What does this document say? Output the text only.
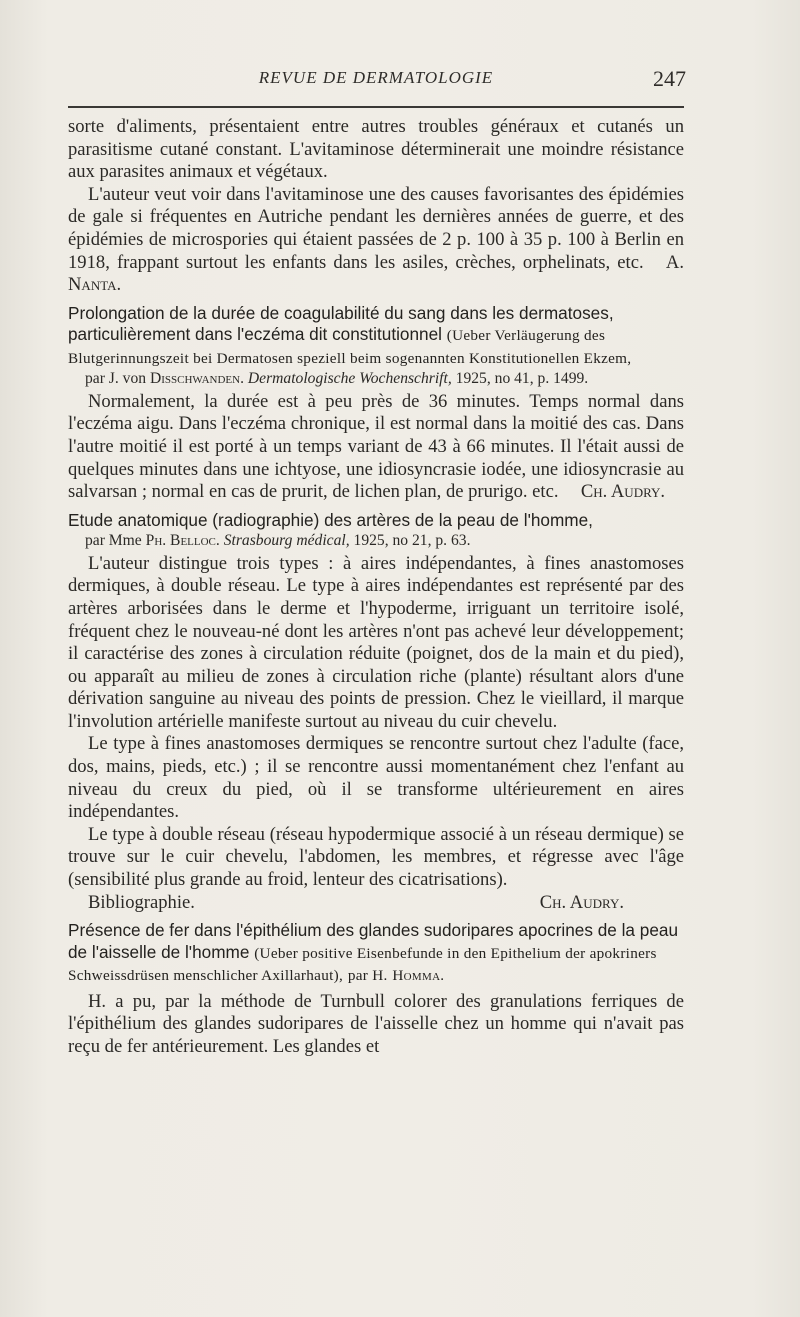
REVUE DE DERMATOLOGIE	247

sorte d'aliments, présentaient entre autres troubles généraux et cutanés un parasitisme cutané constant. L'avitaminose déterminerait une moindre résistance aux parasites animaux et végétaux.

L'auteur veut voir dans l'avitaminose une des causes favorisantes des épidémies de gale si fréquentes en Autriche pendant les dernières années de guerre, et des épidémies de microspories qui étaient passées de 2 p. 100 à 35 p. 100 à Berlin en 1918, frappant surtout les enfants dans les asiles, crèches, orphelinats, etc. A. Nanta.

Prolongation de la durée de coagulabilité du sang dans les dermatoses, particulièrement dans l'eczéma dit constitutionnel (Ueber Verläugerung des Blutgerinnungszeit bei Dermatosen speziell beim sogenannten Konstitutionellen Ekzem,
par J. von Disschwanden. Dermatologische Wochenschrift, 1925, no 41, p. 1499.

Normalement, la durée est à peu près de 36 minutes. Temps normal dans l'eczéma aigu. Dans l'eczéma chronique, il est normal dans la moitié des cas. Dans l'autre moitié il est porté à un temps variant de 43 à 66 minutes. Il l'était aussi de quelques minutes dans une ichtyose, une idiosyncrasie iodée, une idiosyncrasie au salvarsan ; normal en cas de prurit, de lichen plan, de prurigo. etc. Ch. Audry.

Etude anatomique (radiographie) des artères de la peau de l'homme,
par Mme Ph. Belloc. Strasbourg médical, 1925, no 21, p. 63.

L'auteur distingue trois types : à aires indépendantes, à fines anastomoses dermiques, à double réseau. Le type à aires indépendantes est représenté par des artères arborisées dans le derme et l'hypoderme, irriguant un territoire isolé, fréquent chez le nouveau-né dont les artères n'ont pas achevé leur développement; il caractérise des zones à circulation réduite (poignet, dos de la main et du pied), ou apparaît au milieu de zones à circulation riche (plante) résultant alors d'une dérivation sanguine au niveau des points de pression. Chez le vieillard, il marque l'involution artérielle manifeste surtout au niveau du cuir chevelu.

Le type à fines anastomoses dermiques se rencontre surtout chez l'adulte (face, dos, mains, pieds, etc.) ; il se rencontre aussi momentanément chez l'enfant au niveau du creux du pied, où il se transforme ultérieurement en aires indépendantes.

Le type à double réseau (réseau hypodermique associé à un réseau dermique) se trouve sur le cuir chevelu, l'abdomen, les membres, et régresse avec l'âge (sensibilité plus grande au froid, lenteur des cicatrisations).

Bibliographie.	Ch. Audry.
Présence de fer dans l'épithélium des glandes sudoripares apocrines de la peau de l'aisselle de l'homme (Ueber positive Eisenbefunde in den Epithelium der apokriners Schweissdrüsen menschlicher Axillarhaut), par H. Homma.

H. a pu, par la méthode de Turnbull colorer des granulations ferriques de l'épithélium des glandes sudoripares de l'aisselle chez un homme qui n'avait pas reçu de fer antérieurement. Les glandes et
